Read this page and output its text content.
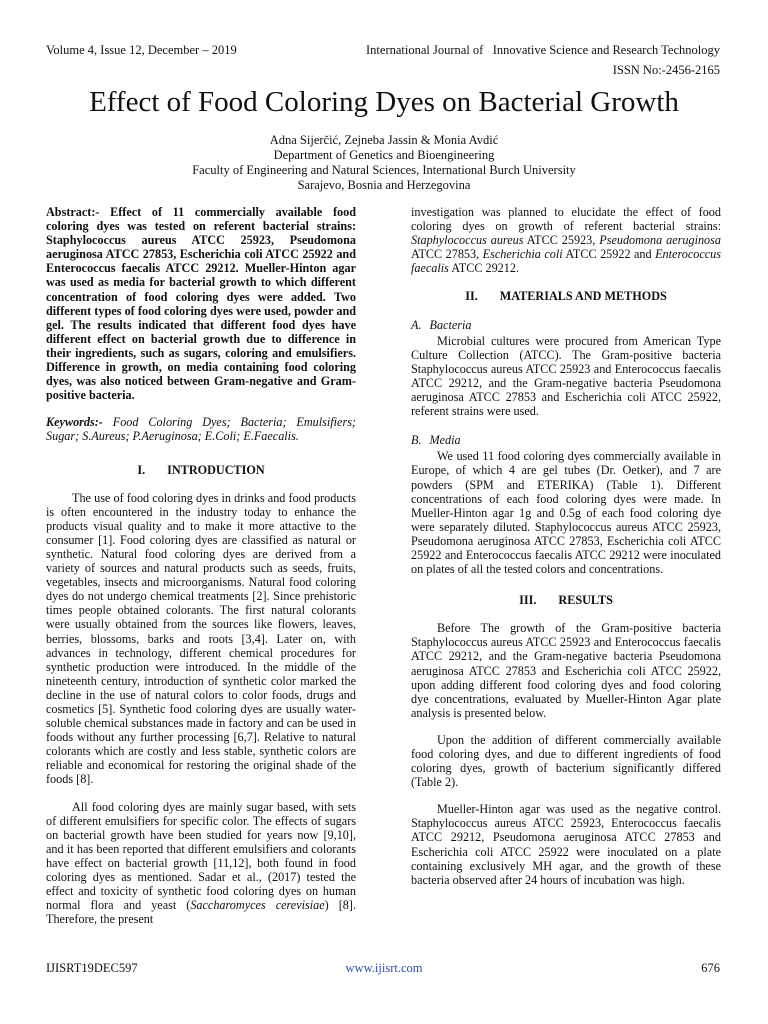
Volume 4, Issue 12, December – 2019	International Journal of   Innovative Science and Research Technology
ISSN No:-2456-2165
Effect of Food Coloring Dyes on Bacterial Growth
Adna Sijerčić, Zejneba Jassin & Monia Avdić
Department of Genetics and Bioengineering
Faculty of Engineering and Natural Sciences, International Burch University
Sarajevo, Bosnia and Herzegovina

Abstract:- Effect of 11 commercially available food coloring dyes was tested on referent bacterial strains: Staphylococcus aureus ATCC 25923, Pseudomona aeruginosa ATCC 27853, Escherichia coli ATCC 25922 and Enterococcus faecalis ATCC 29212. Mueller-Hinton agar was used as media for bacterial growth to which different concentration of food coloring dyes were added. Two different types of food coloring dyes were used, powder and gel. The results indicated that different food dyes have different effect on bacterial growth due to difference in their ingredients, such as sugars, coloring and emulsifiers. Difference in growth, on media containing food coloring dyes, was also noticed between Gram-negative and Gram-positive bacteria.

Keywords:- Food Coloring Dyes; Bacteria; Emulsifiers; Sugar; S.Aureus; P.Aeruginosa; E.Coli; E.Faecalis.

I. INTRODUCTION

The use of food coloring dyes in drinks and food products is often encountered in the industry today to enhance the products visual quality and to make it more attactive to the consumer [1]. Food coloring dyes are classified as natural or synthetic. Natural food coloring dyes are derived from a variety of sources and natural products such as seeds, fruits, vegetables, insects and microorganisms. Natural food coloring dyes do not undergo chemical treatments [2]. Since prehistoric times people obtained colorants. The first natural colorants were usually obtained from the sources like flowers, leaves, berries, blossoms, barks and roots [3,4]. Later on, with advances in technology, different chemical procedures for synthetic production were introduced. In the middle of the nineteenth century, introduction of synthetic color marked the decline in the use of natural colors to color foods, drugs and cosmetics [5]. Synthetic food coloring dyes are usually water-soluble chemical substances made in factory and can be used in foods without any further processing [6,7]. Relative to natural colorants which are costly and less stable, synthetic colors are reliable and economical for restoring the original shade of the foods [8].

All food coloring dyes are mainly sugar based, with sets of different emulsifiers for specific color. The effects of sugars on bacterial growth have been studied for years now [9,10], and it has been reported that different emulsifiers and colorants have effect on bacterial growth [11,12], both found in food coloring dyes as mentioned. Sadar et al., (2017) tested the effect and toxicity of synthetic food coloring dyes on human normal flora and yeast (Saccharomyces cerevisiae) [8]. Therefore, the present

investigation was planned to elucidate the effect of food coloring dyes on growth of referent bacterial strains: Staphylococcus aureus ATCC 25923, Pseudomona aeruginosa ATCC 27853, Escherichia coli ATCC 25922 and Enterococcus faecalis ATCC 29212.

II. MATERIALS AND METHODS
A. Bacteria

Microbial cultures were procured from American Type Culture Collection (ATCC). The Gram-positive bacteria Staphylococcus aureus ATCC 25923 and Enterococcus faecalis ATCC 29212, and the Gram-negative bacteria Pseudomona aeruginosa ATCC 27853 and Escherichia coli ATCC 25922, referent strains were used.

B. Media

We used 11 food coloring dyes commercially available in Europe, of which 4 are gel tubes (Dr. Oetker), and 7 are powders (SPM and ETERIKA) (Table 1). Different concentrations of each food coloring dyes were made. In Mueller-Hinton agar 1g and 0.5g of each food coloring dye were separately diluted. Staphylococcus aureus ATCC 25923, Pseudomona aeruginosa ATCC 27853, Escherichia coli ATCC 25922 and Enterococcus faecalis ATCC 29212 were inoculated on plates of all the tested colors and concentrations.

III. RESULTS

Before The growth of the Gram-positive bacteria Staphylococcus aureus ATCC 25923 and Enterococcus faecalis ATCC 29212, and the Gram-negative bacteria Pseudomona aeruginosa ATCC 27853 and Escherichia coli ATCC 25922, upon adding different food coloring dyes and food coloring dye concentrations, evaluated by Mueller-Hinton Agar plate analysis is presented below.

Upon the addition of different commercially available food coloring dyes, and due to different ingredients of food coloring dyes, growth of bacterium significantly differed (Table 2).

Mueller-Hinton agar was used as the negative control. Staphylococcus aureus ATCC 25923, Enterococcus faecalis ATCC 29212, Pseudomona aeruginosa ATCC 27853 and Escherichia coli ATCC 25922 were inoculated on a plate containing exclusively MH agar, and the growth of these bacteria observed after 24 hours of incubation was high.

IJISRT19DEC597	www.ijisrt.com	676
